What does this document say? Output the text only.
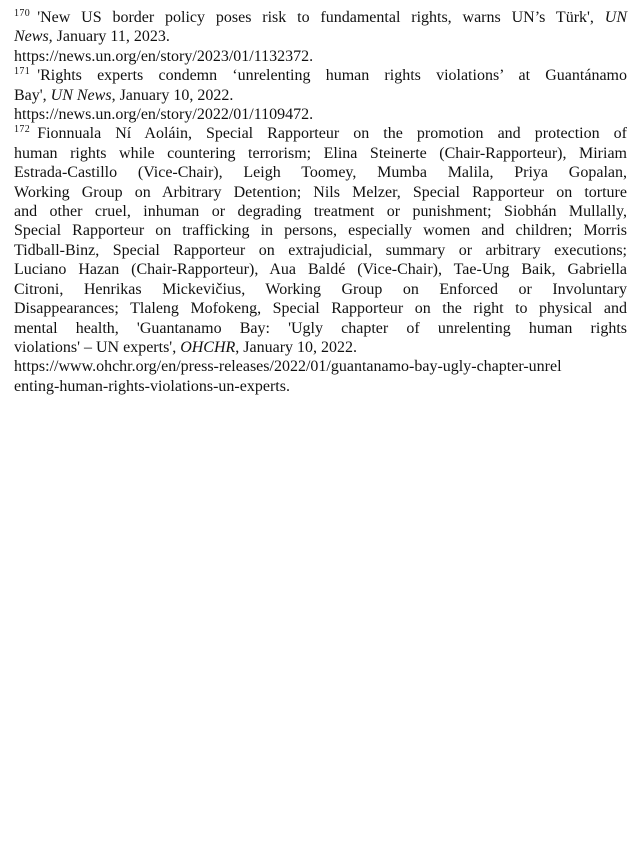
$^{170}$ 'New US border policy poses risk to fundamental rights, warns UN’s Türk', UN
News, January 11, 2023.
https://news.un.org/en/story/2023/01/1132372.
$^{171}$ 'Rights experts condemn ‘unrelenting human rights violations’ at Guantánamo
Bay', UN News, January 10, 2022.
https://news.un.org/en/story/2022/01/1109472.
$^{172}$ Fionnuala Ní Aoláin, Special Rapporteur on the promotion and protection of
human rights while countering terrorism; Elina Steinerte (Chair-Rapporteur), Miriam
Estrada-Castillo (Vice-Chair), Leigh Toomey, Mumba Malila, Priya Gopalan,
Working Group on Arbitrary Detention; Nils Melzer, Special Rapporteur on torture
and other cruel, inhuman or degrading treatment or punishment; Siobhán Mullally,
Special Rapporteur on trafficking in persons, especially women and children; Morris
Tidball-Binz, Special Rapporteur on extrajudicial, summary or arbitrary executions;
Luciano Hazan (Chair-Rapporteur), Aua Baldé (Vice-Chair), Tae-Ung Baik, Gabriella
Citroni, Henrikas Mickevičius, Working Group on Enforced or Involuntary
Disappearances; Tlaleng Mofokeng, Special Rapporteur on the right to physical and
mental health, 'Guantanamo Bay: 'Ugly chapter of unrelenting human rights
violations' – UN experts', OHCHR, January 10, 2022.
https://www.ohchr.org/en/press-releases/2022/01/guantanamo-bay-ugly-chapter-unrel
enting-human-rights-violations-un-experts.
